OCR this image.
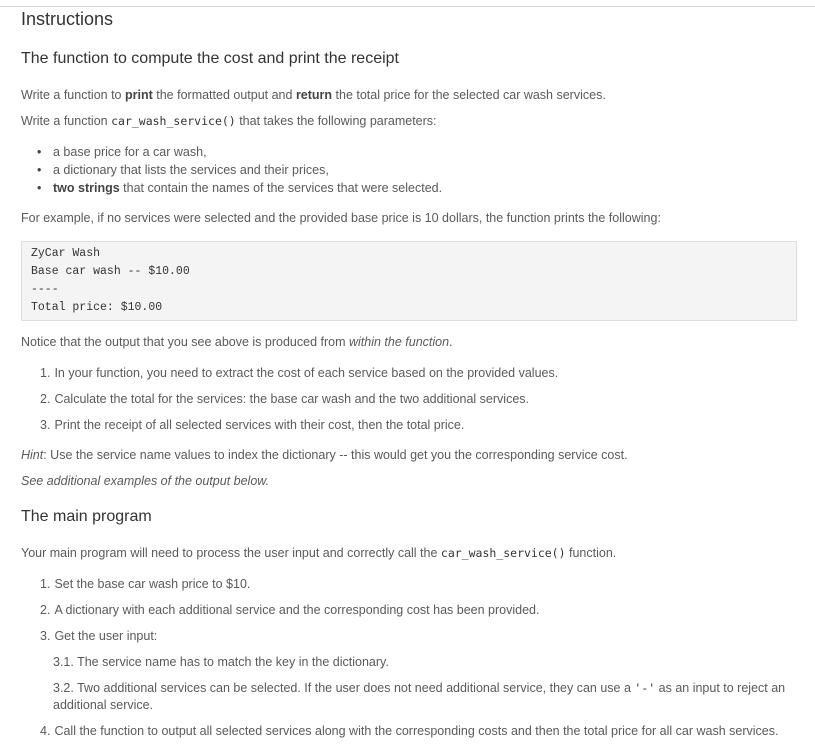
Instructions
The function to compute the cost and print the receipt
Write a function to print the formatted output and return the total price for the selected car wash services.
Write a function car_wash_service() that takes the following parameters:
• a base price for a car wash,
• a dictionary that lists the services and their prices,
• two strings that contain the names of the services that were selected.
For example, if no services were selected and the provided base price is 10 dollars, the function prints the following:
ZyCar Wash
Base car wash -- $10.00
----
Total price: $10.00
Notice that the output that you see above is produced from within the function.
1. In your function, you need to extract the cost of each service based on the provided values.
2. Calculate the total for the services: the base car wash and the two additional services.
3. Print the receipt of all selected services with their cost, then the total price.
Hint: Use the service name values to index the dictionary -- this would get you the corresponding service cost.
See additional examples of the output below.
The main program
Your main program will need to process the user input and correctly call the car_wash_service() function.
1. Set the base car wash price to $10.
2. A dictionary with each additional service and the corresponding cost has been provided.
3. Get the user input:
3.1. The service name has to match the key in the dictionary.
3.2. Two additional services can be selected. If the user does not need additional service, they can use a '-' as an input to reject an additional service.
4. Call the function to output all selected services along with the corresponding costs and then the total price for all car wash services.
